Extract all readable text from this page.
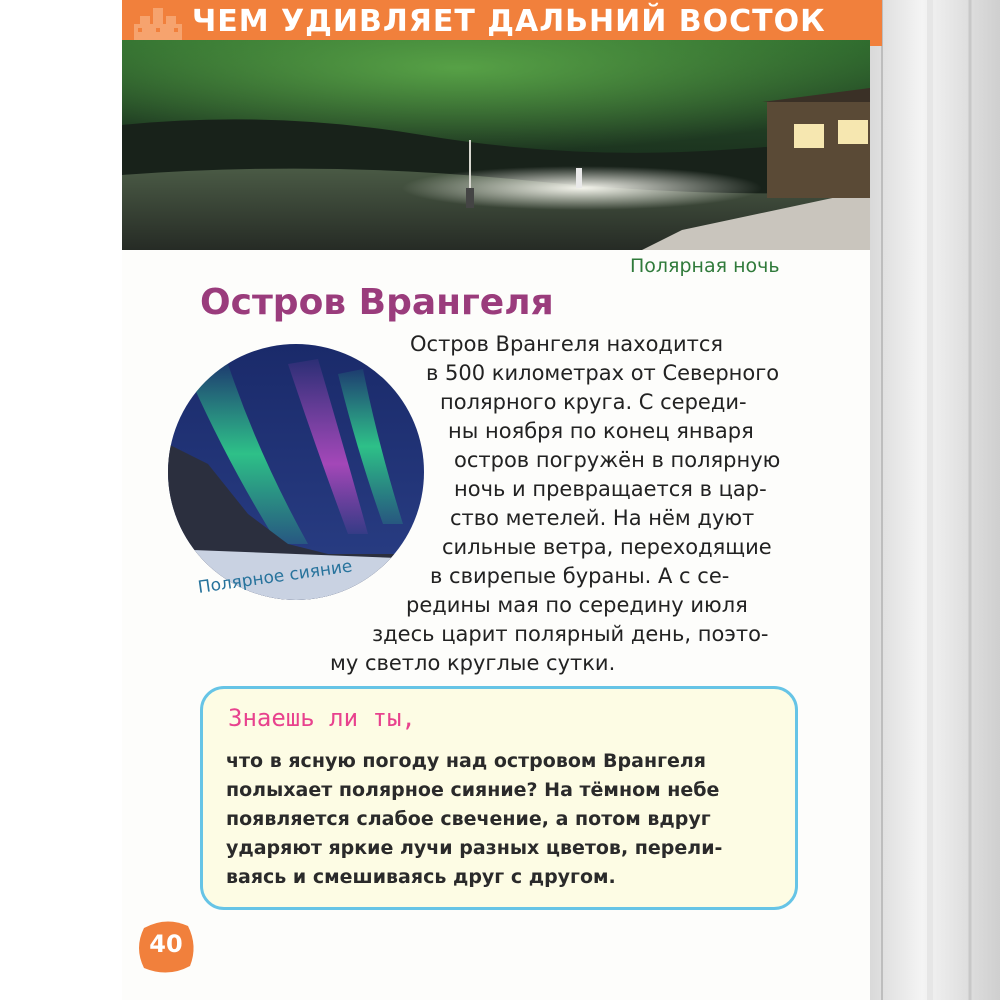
ЧЕМ УДИВЛЯЕТ ДАЛЬНИЙ ВОСТОК
Полярная ночь
Остров Врангеля
Полярное сияние
Остров Врангеля находится
в 500 километрах от Северного
полярного круга. С середи-
ны ноября по конец января
остров погружён в полярную
ночь и превращается в цар-
ство метелей. На нём дуют
сильные ветра, переходящие
в свирепые бураны. А с се-
редины мая по середину июля
здесь царит полярный день, поэто-
му светло круглые сутки.
Знаешь ли ты,
что в ясную погоду над островом Врангеля
полыхает полярное сияние? На тёмном небе
появляется слабое свечение, а потом вдруг
ударяют яркие лучи разных цветов, перели-
ваясь и смешиваясь друг с другом.
40
